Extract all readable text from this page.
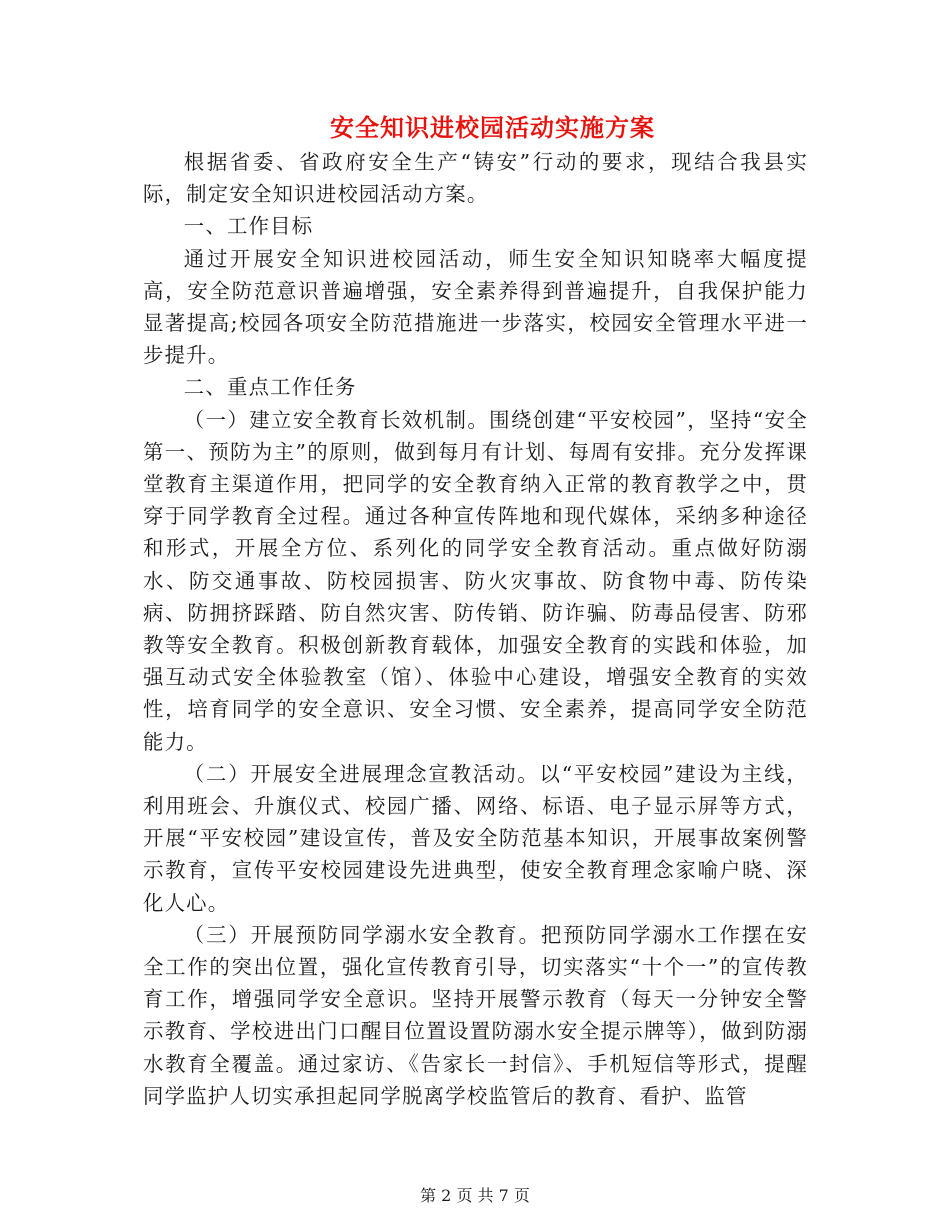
安全知识进校园活动实施方案

根据省委、省政府安全生产“铸安”行动的要求，现结合我县实际，制定安全知识进校园活动方案。

一、工作目标

通过开展安全知识进校园活动，师生安全知识知晓率大幅度提高，安全防范意识普遍增强，安全素养得到普遍提升，自我保护能力显著提高;校园各项安全防范措施进一步落实，校园安全管理水平进一步提升。

二、重点工作任务

（一）建立安全教育长效机制。围绕创建“平安校园”，坚持“安全第一、预防为主”的原则，做到每月有计划、每周有安排。充分发挥课堂教育主渠道作用，把同学的安全教育纳入正常的教育教学之中，贯穿于同学教育全过程。通过各种宣传阵地和现代媒体，采纳多种途径和形式，开展全方位、系列化的同学安全教育活动。重点做好防溺水、防交通事故、防校园损害、防火灾事故、防食物中毒、防传染病、防拥挤踩踏、防自然灾害、防传销、防诈骗、防毒品侵害、防邪教等安全教育。积极创新教育载体，加强安全教育的实践和体验，加强互动式安全体验教室（馆）、体验中心建设，增强安全教育的实效性，培育同学的安全意识、安全习惯、安全素养，提高同学安全防范能力。

（二）开展安全进展理念宣教活动。以“平安校园”建设为主线，利用班会、升旗仪式、校园广播、网络、标语、电子显示屏等方式，开展“平安校园”建设宣传，普及安全防范基本知识，开展事故案例警示教育，宣传平安校园建设先进典型，使安全教育理念家喻户晓、深化人心。

（三）开展预防同学溺水安全教育。把预防同学溺水工作摆在安全工作的突出位置，强化宣传教育引导，切实落实“十个一”的宣传教育工作，增强同学安全意识。坚持开展警示教育（每天一分钟安全警示教育、学校进出门口醒目位置设置防溺水安全提示牌等），做到防溺水教育全覆盖。通过家访、《告家长一封信》、手机短信等形式，提醒同学监护人切实承担起同学脱离学校监管后的教育、看护、监管

第 2 页 共 7 页
